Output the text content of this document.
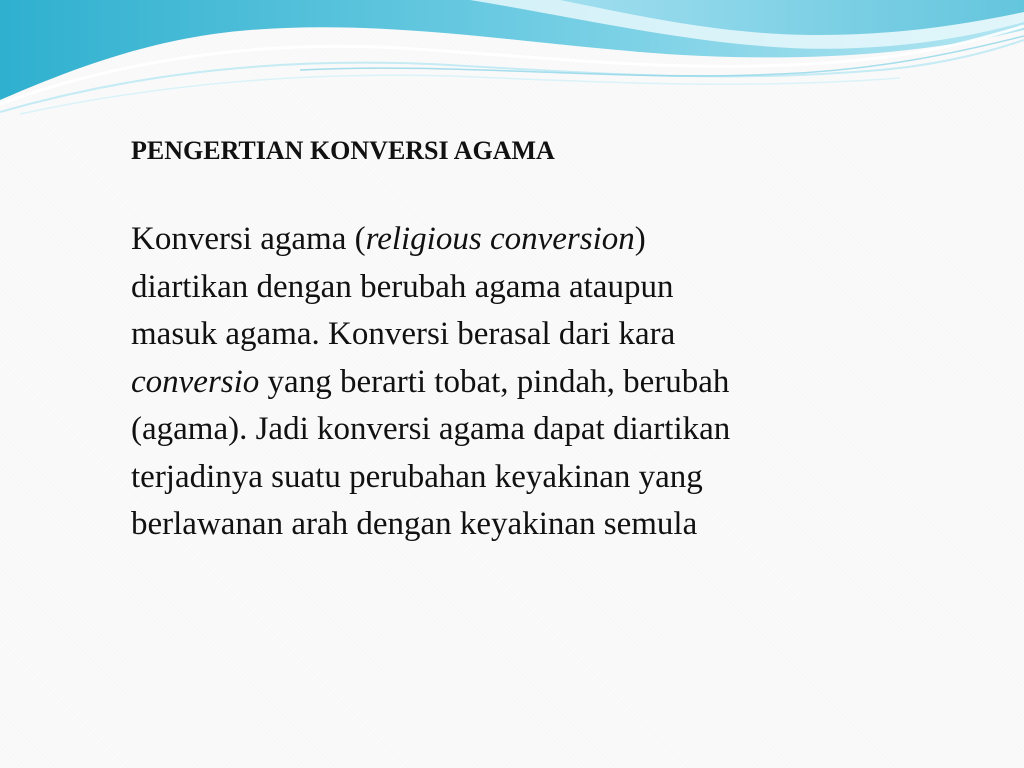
PENGERTIAN KONVERSI AGAMA
Konversi agama (religious conversion)
diartikan dengan berubah agama ataupun
masuk agama. Konversi berasal dari kara
conversio yang berarti tobat, pindah, berubah
(agama). Jadi konversi agama dapat diartikan
terjadinya suatu perubahan keyakinan yang
berlawanan arah dengan keyakinan semula
